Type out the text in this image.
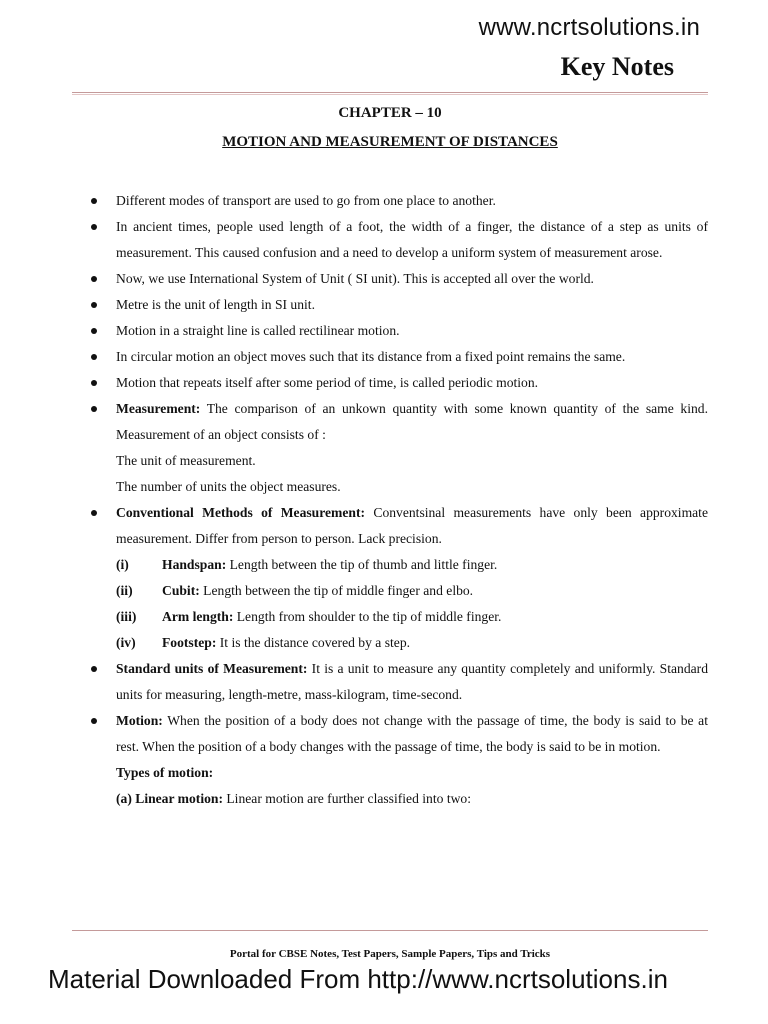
www.ncrtsolutions.in
Key Notes
CHAPTER – 10
MOTION AND MEASUREMENT OF DISTANCES
Different modes of transport are used to go from one place to another.
In ancient times, people used length of a foot, the width of a finger, the distance of a step as units of measurement. This caused confusion and a need to develop a uniform system of measurement arose.
Now, we use International System of Unit ( SI unit). This is accepted all over the world.
Metre is the unit of length in SI unit.
Motion in a straight line is called rectilinear motion.
In circular motion an object moves such that its distance from a fixed point remains the same.
Motion that repeats itself after some period of time, is called periodic motion.
Measurement: The comparison of an unkown quantity with some known quantity of the same kind. Measurement of an object consists of :
The unit of measurement.
The number of units the object measures.
Conventional Methods of Measurement: Conventsinal measurements have only been approximate measurement. Differ from person to person. Lack precision.
(i)	Handspan: Length between the tip of thumb and little finger.
(ii)	Cubit: Length between the tip of middle finger and elbo.
(iii)	Arm length: Length from shoulder to the tip of middle finger.
(iv)	Footstep: It is the distance covered by a step.
Standard units of Measurement: It is a unit to measure any quantity completely and uniformly. Standard units for measuring, length-metre, mass-kilogram, time-second.
Motion: When the position of a body does not change with the passage of time, the body is said to be at rest. When the position of a body changes with the passage of time, the body is said to be in motion.
Types of motion:
(a) Linear motion: Linear motion are further classified into two:
Portal for CBSE Notes, Test Papers, Sample Papers, Tips and Tricks
Material Downloaded From http://www.ncrtsolutions.in
